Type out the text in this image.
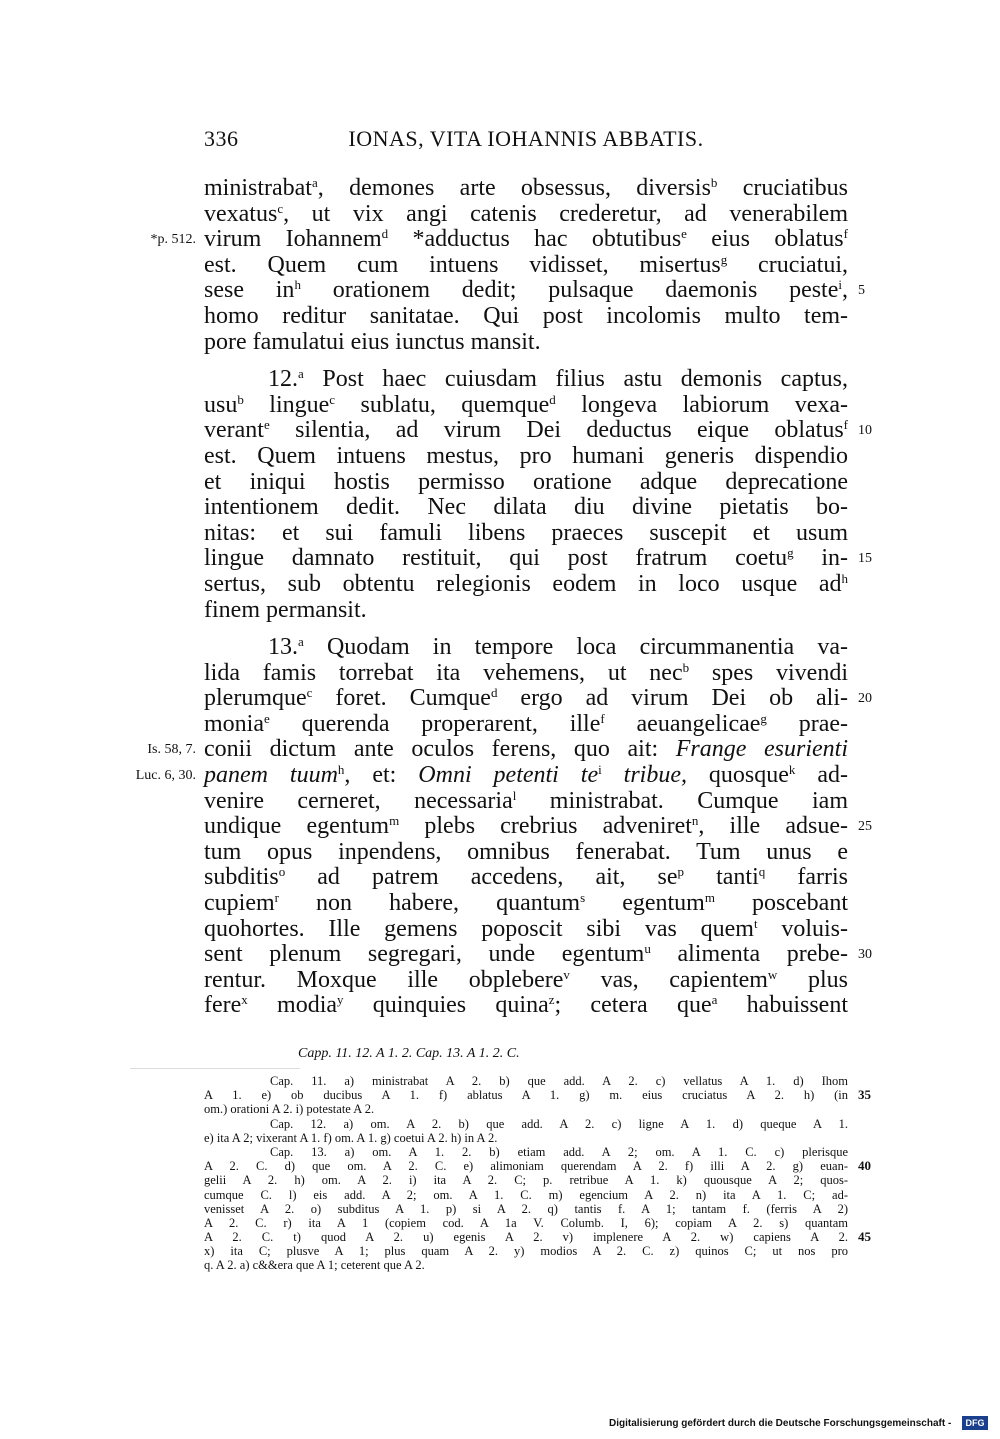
336	IONAS, VITA IOHANNIS ABBATIS.
ministrabat$^a$, demones arte obsessus, diversis$^b$ cruciatibus
vexatus$^c$, ut vix angi catenis crederetur, ad venerabilem
*p. 512. virum Iohannem$^d$ *adductus hac obtutibus$^e$ eius oblatus$^f$
est. Quem cum intuens vidisset, misertus$^g$ cruciatui,
sese $in^h$ orationem dedit; pulsaque daemonis peste$^i$, 5
homo reditur sanitatae. Qui post incolomis multo tem-
pore famulatui eius iunctus mansit.
12.$^a$ Post haec cuiusdam filius astu demonis captus,
usu$^b$ lingue$^c$ sublatu, quemque$^d$ longeva labiorum vexa-
verant$^e$ silentia, ad virum Dei deductus eique oblatus$^f$ 10
est. Quem intuens mestus, pro humani generis dispendio
et iniqui hostis permisso oratione adque deprecatione
intentionem dedit. Nec dilata diu divine pietatis bo-
nitas: et sui famuli libens praeces suscepit et usum
lingue damnato restituit, qui post fratrum coetu$^g$ in- 15
sertus, sub obtentu relegionis eodem in loco usque $ad^h$
finem permansit.
13.$^a$ Quodam in tempore loca circummanentia va-
lida famis torrebat ita vehemens, ut nec$^b$ spes vivendi
plerumque$^c$ foret. Cumque$^d$ ergo ad virum Dei ob ali- 20
monia$^e$ querenda properarent, ille$^f$ aeuangelicae$^g$ prae-
Is. 58, 7. conii dictum ante oculos ferens, quo ait: Frange esurienti
Luc. 6, 30. panem tuum$^h$, et: Omni petenti $te^i$ tribue, quosque$^k$ ad-
venire cerneret, necessaria$^l$ ministrabat. Cumque iam
undique egentum$^m$ plebs crebrius adveniret$^n$, ille adsue- 25
tum opus inpendens, omnibus fenerabat. Tum unus e
subditis$^o$ ad patrem accedens, ait, $se^p$ tanti$^q$ farris
cupiem$^r$ non habere, quantum$^s$ egentum$^m$ poscebant
quohortes. Ille gemens poposcit sibi vas quem$^t$ voluis-
sent plenum segregari, unde egentum$^u$ alimenta prebe- 30
rentur. Moxque ille obplebere$^v$ vas, capientem$^w$ plus
fere$^x$ modia$^y$ quinquies quina$^z$; cetera que$^a$ habuissent
Capp. 11. 12. A 1. 2. Cap. 13. A 1. 2. C.
Cap. 11. a) ministrabat A 2. b) que add. A 2. c) vellatus A 1. d) Ihom
A 1. e) ob ducibus A 1. f) ablatus A 1. g) m. eius cruciatus A 2. h) (in 35
om.) orationi A 2. i) potestate A 2.
Cap. 12. a) om. A 2. b) que add. A 2. c) ligne A 1. d) queque A 1.
e) ita A 2; vixerant A 1. f) om. A 1. g) coetui A 2. h) in A 2.
Cap. 13. a) om. A 1. 2. b) etiam add. A 2; om. A 1. C. c) plerisque
A 2. C. d) que om. A 2. C. e) alimoniam querendam A 2. f) illi A 2. g) euan- 40
gelii A 2. h) om. A 2. i) ita A 2. C; p. retribue A 1. k) quousque A 2; quos-
cumque C. l) eis add. A 2; om. A 1. C. m) egencium A 2. n) ita A 1. C; ad-
venisset A 2. o) subditus A 1. p) si A 2. q) tantis f. A 1; tantam f. (ferris A 2)
A 2. C. r) ita A 1 (copiem cod. A 1a V. Columb. I, 6); copiam A 2. s) quantam
A 2. C. t) quod A 2. u) egenis A 2. v) implenere A 2. w) capiens A 2. 45
x) ita C; plusve A 1; plus quam A 2. y) modios A 2. C. z) quinos C; ut nos pro
q. A 2. a) c&&era que A 1; ceterent que A 2.
Digitalisierung gefördert durch die Deutsche Forschungsgemeinschaft -	DFG
